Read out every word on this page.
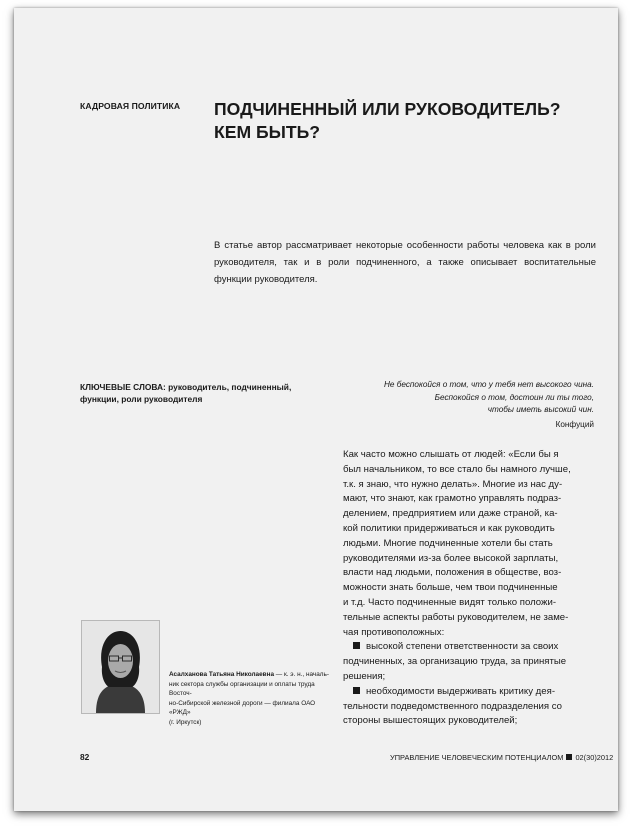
КАДРОВАЯ ПОЛИТИКА ПОДЧИНЕННЫЙ ИЛИ РУКОВОДИТЕЛЬ?
КЕМ БЫТЬ?
В статье автор рассматривает некоторые особенности работы человека как в роли руководителя, так и в роли подчиненного, а также описывает воспитательные функции руководителя.
КЛЮЧЕВЫЕ СЛОВА: руководитель, подчиненный, функции, роли руководителя
Не беспокойся о том, что у тебя нет высокого чина.
Беспокойся о том, достоин ли ты того,
чтобы иметь высокий чин.
Конфуций
Как часто можно слышать от людей: «Если бы я
был начальником, то все стало бы намного лучше,
т.к. я знаю, что нужно делать». Многие из нас ду-
мают, что знают, как грамотно управлять подраз-
делением, предприятием или даже страной, ка-
кой политики придерживаться и как руководить
людьми. Многие подчиненные хотели бы стать
руководителями из-за более высокой зарплаты,
власти над людьми, положения в обществе, воз-
можности знать больше, чем твои подчиненные
и т.д. Часто подчиненные видят только положи-
тельные аспекты работы руководителем, не заме-
чая противоположных:
высокой степени ответственности за своих
подчиненных, за организацию труда, за принятые
решения;
необходимости выдерживать критику дея-
тельности подведомственного подразделения со
стороны вышестоящих руководителей;
Асалханова Татьяна Николаевна — к. э. н., началь-
ник сектора службы организации и оплаты труда Восточ-
но-Сибирской железной дороги — филиала ОАО «РЖД»
(г. Иркутск)
82	УПРАВЛЕНИЕ ЧЕЛОВЕЧЕСКИМ ПОТЕНЦИАЛОМ 02(30)2012
